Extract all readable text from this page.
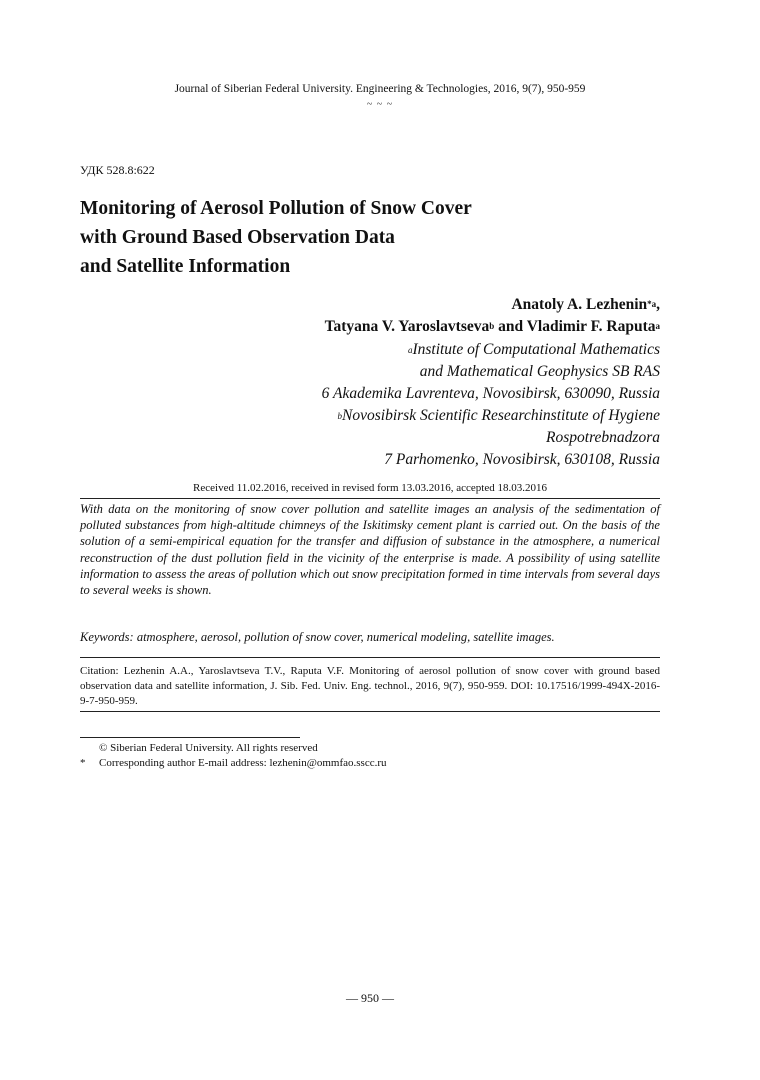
Journal of Siberian Federal University. Engineering & Technologies, 2016, 9(7), 950-959
~ ~ ~
УДК 528.8:622
Monitoring of Aerosol Pollution of Snow Cover
with Ground Based Observation Data
and Satellite Information
Anatoly A. Lezhenin$^{*a}$,
Tatyana V. Yaroslavtseva$^b$ and Vladimir F. Raputa$^a$
$^a$Institute of Computational Mathematics
and Mathematical Geophysics SB RAS
6 Akademika Lavrenteva, Novosibirsk, 630090, Russia
$^b$Novosibirsk Scientific Researchinstitute of Hygiene
Rospotrebnadzora
7 Parhomenko, Novosibirsk, 630108, Russia
Received 11.02.2016, received in revised form 13.03.2016, accepted 18.03.2016
With data on the monitoring of snow cover pollution and satellite images an analysis of the sedimentation of polluted substances from high-altitude chimneys of the Iskitimsky cement plant is carried out. On the basis of the solution of a semi-empirical equation for the transfer and diffusion of substance in the atmosphere, a numerical reconstruction of the dust pollution field in the vicinity of the enterprise is made. A possibility of using satellite information to assess the areas of pollution which out snow precipitation formed in time intervals from several days to several weeks is shown.
Keywords: atmosphere, aerosol, pollution of snow cover, numerical modeling, satellite images.
Citation: Lezhenin A.A., Yaroslavtseva T.V., Raputa V.F. Monitoring of aerosol pollution of snow cover with ground based observation data and satellite information, J. Sib. Fed. Univ. Eng. technol., 2016, 9(7), 950-959. DOI: 10.17516/1999-494X-2016-9-7-950-959.
© Siberian Federal University. All rights reserved
* Corresponding author E-mail address: lezhenin@ommfao.sscc.ru
— 950 —
